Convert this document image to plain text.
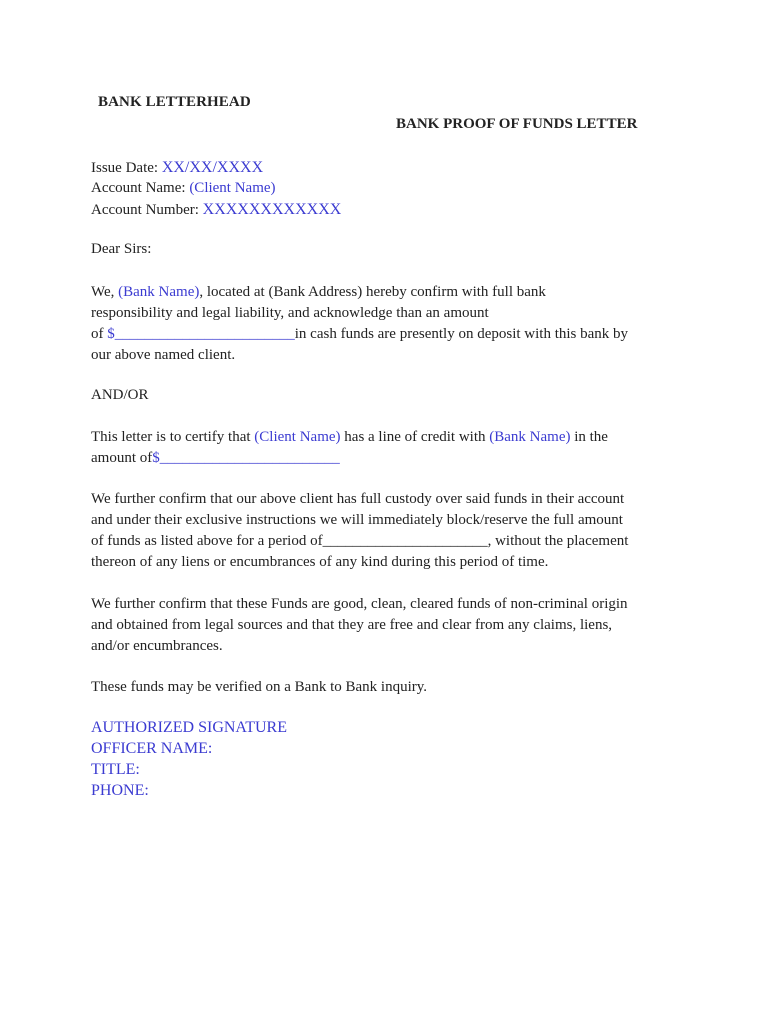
BANK LETTERHEAD
BANK PROOF OF FUNDS LETTER
Issue Date: XX/XX/XXXX
Account Name: (Client Name)
Account Number: XXXXXXXXXXXX
Dear Sirs:
We, (Bank Name), located at (Bank Address) hereby confirm with full bank
responsibility and legal liability, and acknowledge than an amount
of $________________________in cash funds are presently on deposit with this bank by
our above named client.
AND/OR
This letter is to certify that (Client Name) has a line of credit with (Bank Name) in the
amount of$________________________
We further confirm that our above client has full custody over said funds in their account
and under their exclusive instructions we will immediately block/reserve the full amount
of funds as listed above for a period of______________________, without the placement
thereon of any liens or encumbrances of any kind during this period of time.
We further confirm that these Funds are good, clean, cleared funds of non-criminal origin
and obtained from legal sources and that they are free and clear from any claims, liens,
and/or encumbrances.
These funds may be verified on a Bank to Bank inquiry.
AUTHORIZED SIGNATURE
OFFICER NAME:
TITLE:
PHONE:
